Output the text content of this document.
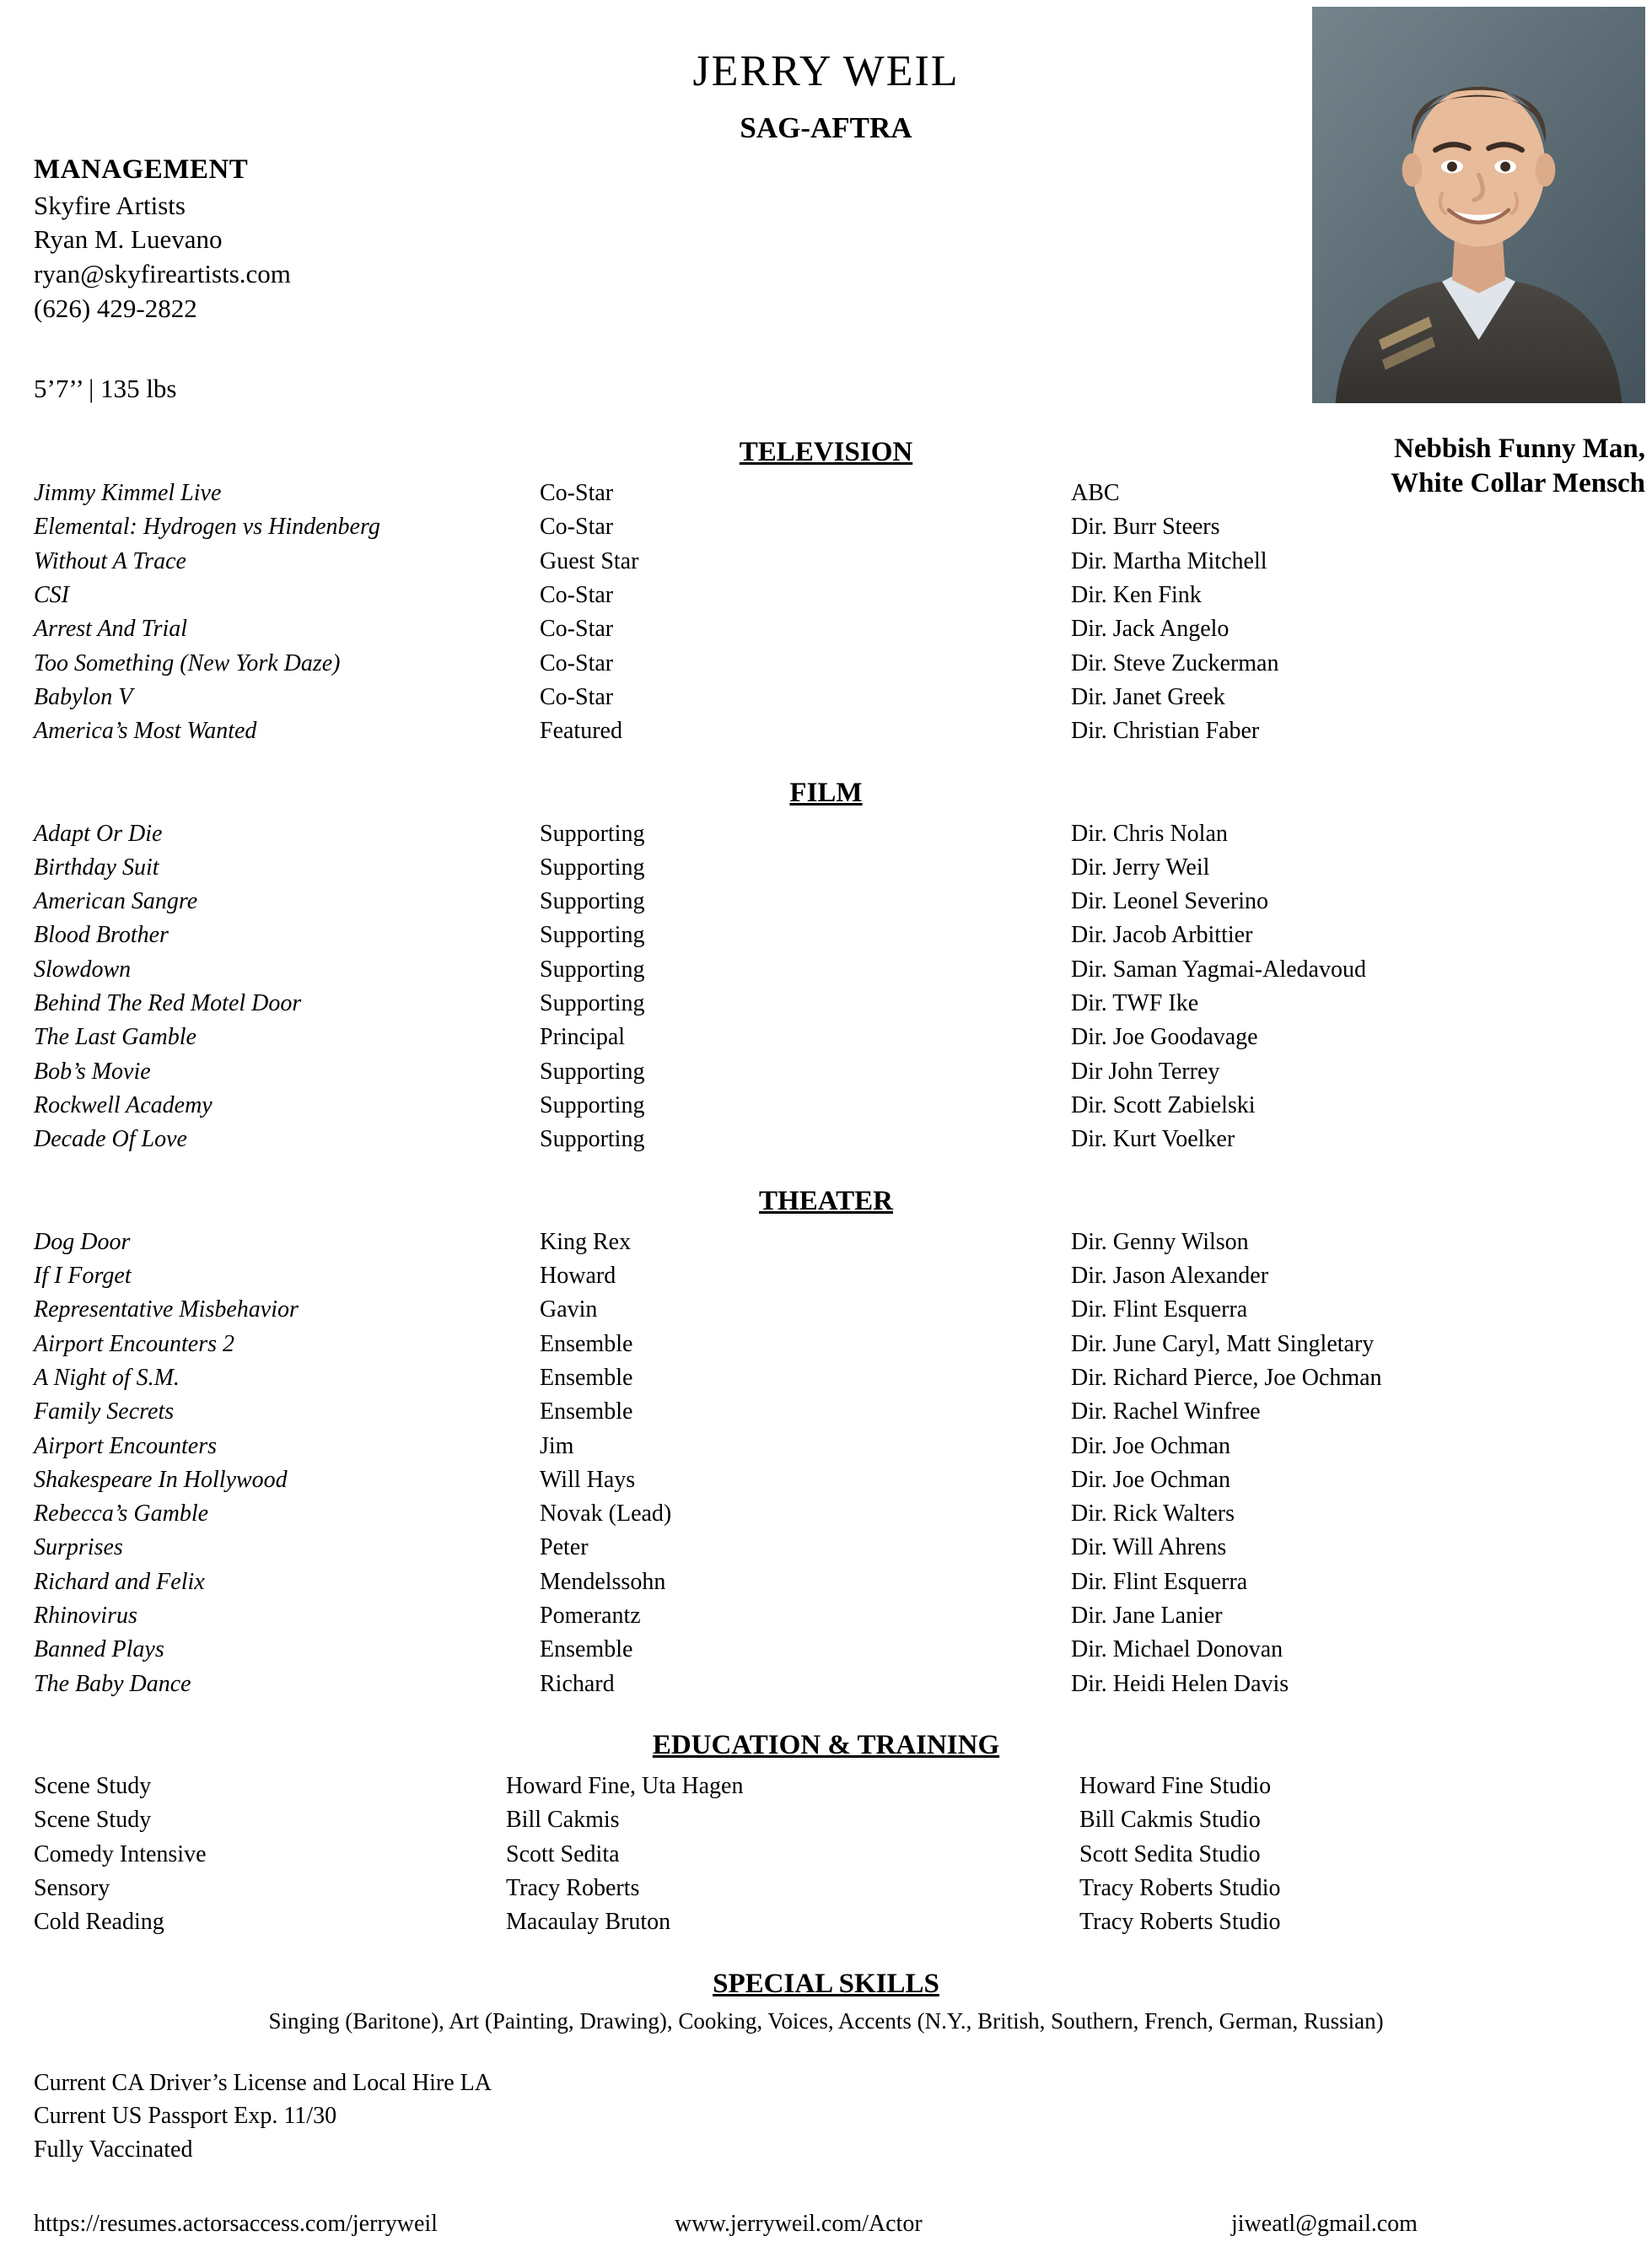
JERRY WEIL
SAG-AFTRA
MANAGEMENT
Skyfire Artists
Ryan M. Luevano
ryan@skyfireartists.com
(626) 429-2822
5’7’’ | 135 lbs
Nebbish Funny Man,
White Collar Mensch
TELEVISION
Jimmy Kimmel Live	Co-Star	ABC
Elemental: Hydrogen vs Hindenberg	Co-Star	Dir. Burr Steers
Without A Trace	Guest Star	Dir. Martha Mitchell
CSI	Co-Star	Dir. Ken Fink
Arrest And Trial	Co-Star	Dir. Jack Angelo
Too Something (New York Daze)	Co-Star	Dir. Steve Zuckerman
Babylon V	Co-Star	Dir. Janet Greek
America’s Most Wanted	Featured	Dir. Christian Faber
FILM
Adapt Or Die	Supporting	Dir. Chris Nolan
Birthday Suit	Supporting	Dir. Jerry Weil
American Sangre	Supporting	Dir. Leonel Severino
Blood Brother	Supporting	Dir. Jacob Arbittier
Slowdown	Supporting	Dir. Saman Yagmai-Aledavoud
Behind The Red Motel Door	Supporting	Dir. TWF Ike
The Last Gamble	Principal	Dir. Joe Goodavage
Bob’s Movie	Supporting	Dir John Terrey
Rockwell Academy	Supporting	Dir. Scott Zabielski
Decade Of Love	Supporting	Dir. Kurt Voelker
THEATER
Dog Door	King Rex	Dir. Genny Wilson
If I Forget	Howard	Dir. Jason Alexander
Representative Misbehavior	Gavin	Dir. Flint Esquerra
Airport Encounters 2	Ensemble	Dir. June Caryl, Matt Singletary
A Night of S.M.	Ensemble	Dir. Richard Pierce, Joe Ochman
Family Secrets	Ensemble	Dir. Rachel Winfree
Airport Encounters	Jim	Dir. Joe Ochman
Shakespeare In Hollywood	Will Hays	Dir. Joe Ochman
Rebecca’s Gamble	Novak (Lead)	Dir. Rick Walters
Surprises	Peter	Dir. Will Ahrens
Richard and Felix	Mendelssohn	Dir. Flint Esquerra
Rhinovirus	Pomerantz	Dir. Jane Lanier
Banned Plays	Ensemble	Dir. Michael Donovan
The Baby Dance	Richard	Dir. Heidi Helen Davis
EDUCATION & TRAINING
Scene Study	Howard Fine, Uta Hagen	Howard Fine Studio
Scene Study	Bill Cakmis	Bill Cakmis Studio
Comedy Intensive	Scott Sedita	Scott Sedita Studio
Sensory	Tracy Roberts	Tracy Roberts Studio
Cold Reading	Macaulay Bruton	Tracy Roberts Studio
SPECIAL SKILLS
Singing (Baritone), Art (Painting, Drawing), Cooking, Voices, Accents (N.Y., British, Southern, French, German, Russian)
Current CA Driver’s License and Local Hire LA
Current US Passport Exp. 11/30
Fully Vaccinated
https://resumes.actorsaccess.com/jerryweil	www.jerryweil.com/Actor	jiweatl@gmail.com
